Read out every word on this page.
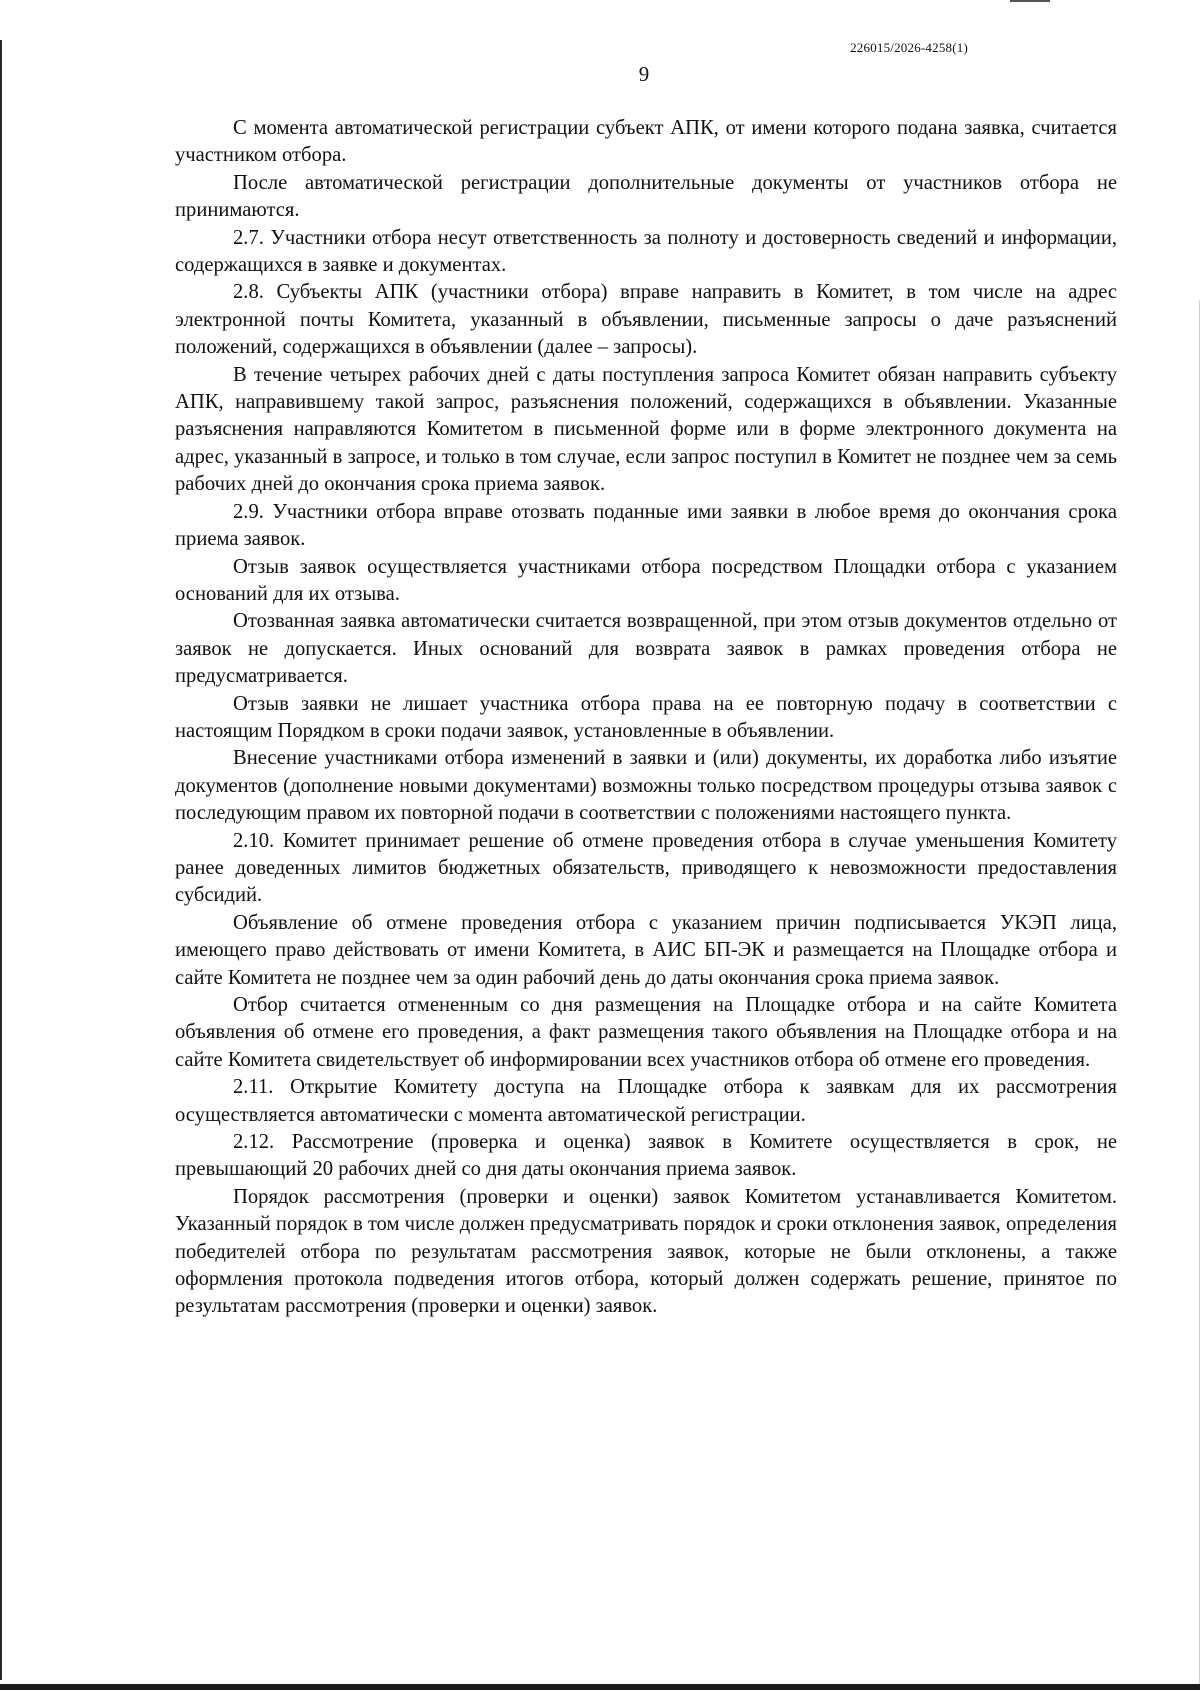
226015/2026-4258(1)
9

С момента автоматической регистрации субъект АПК, от имени которого подана заявка, считается участником отбора.

После автоматической регистрации дополнительные документы от участников отбора не принимаются.

2.7. Участники отбора несут ответственность за полноту и достоверность сведений и информации, содержащихся в заявке и документах.

2.8. Субъекты АПК (участники отбора) вправе направить в Комитет, в том числе на адрес электронной почты Комитета, указанный в объявлении, письменные запросы о даче разъяснений положений, содержащихся в объявлении (далее – запросы).

В течение четырех рабочих дней с даты поступления запроса Комитет обязан направить субъекту АПК, направившему такой запрос, разъяснения положений, содержащихся в объявлении. Указанные разъяснения направляются Комитетом в письменной форме или в форме электронного документа на адрес, указанный в запросе, и только в том случае, если запрос поступил в Комитет не позднее чем за семь рабочих дней до окончания срока приема заявок.

2.9. Участники отбора вправе отозвать поданные ими заявки в любое время до окончания срока приема заявок.

Отзыв заявок осуществляется участниками отбора посредством Площадки отбора с указанием оснований для их отзыва.

Отозванная заявка автоматически считается возвращенной, при этом отзыв документов отдельно от заявок не допускается. Иных оснований для возврата заявок в рамках проведения отбора не предусматривается.

Отзыв заявки не лишает участника отбора права на ее повторную подачу в соответствии с настоящим Порядком в сроки подачи заявок, установленные в объявлении.

Внесение участниками отбора изменений в заявки и (или) документы, их доработка либо изъятие документов (дополнение новыми документами) возможны только посредством процедуры отзыва заявок с последующим правом их повторной подачи в соответствии с положениями настоящего пункта.

2.10. Комитет принимает решение об отмене проведения отбора в случае уменьшения Комитету ранее доведенных лимитов бюджетных обязательств, приводящего к невозможности предоставления субсидий.

Объявление об отмене проведения отбора с указанием причин подписывается УКЭП лица, имеющего право действовать от имени Комитета, в АИС БП-ЭК и размещается на Площадке отбора и сайте Комитета не позднее чем за один рабочий день до даты окончания срока приема заявок.

Отбор считается отмененным со дня размещения на Площадке отбора и на сайте Комитета объявления об отмене его проведения, а факт размещения такого объявления на Площадке отбора и на сайте Комитета свидетельствует об информировании всех участников отбора об отмене его проведения.

2.11. Открытие Комитету доступа на Площадке отбора к заявкам для их рассмотрения осуществляется автоматически с момента автоматической регистрации.

2.12. Рассмотрение (проверка и оценка) заявок в Комитете осуществляется в срок, не превышающий 20 рабочих дней со дня даты окончания приема заявок.

Порядок рассмотрения (проверки и оценки) заявок Комитетом устанавливается Комитетом. Указанный порядок в том числе должен предусматривать порядок и сроки отклонения заявок, определения победителей отбора по результатам рассмотрения заявок, которые не были отклонены, а также оформления протокола подведения итогов отбора, который должен содержать решение, принятое по результатам рассмотрения (проверки и оценки) заявок.
